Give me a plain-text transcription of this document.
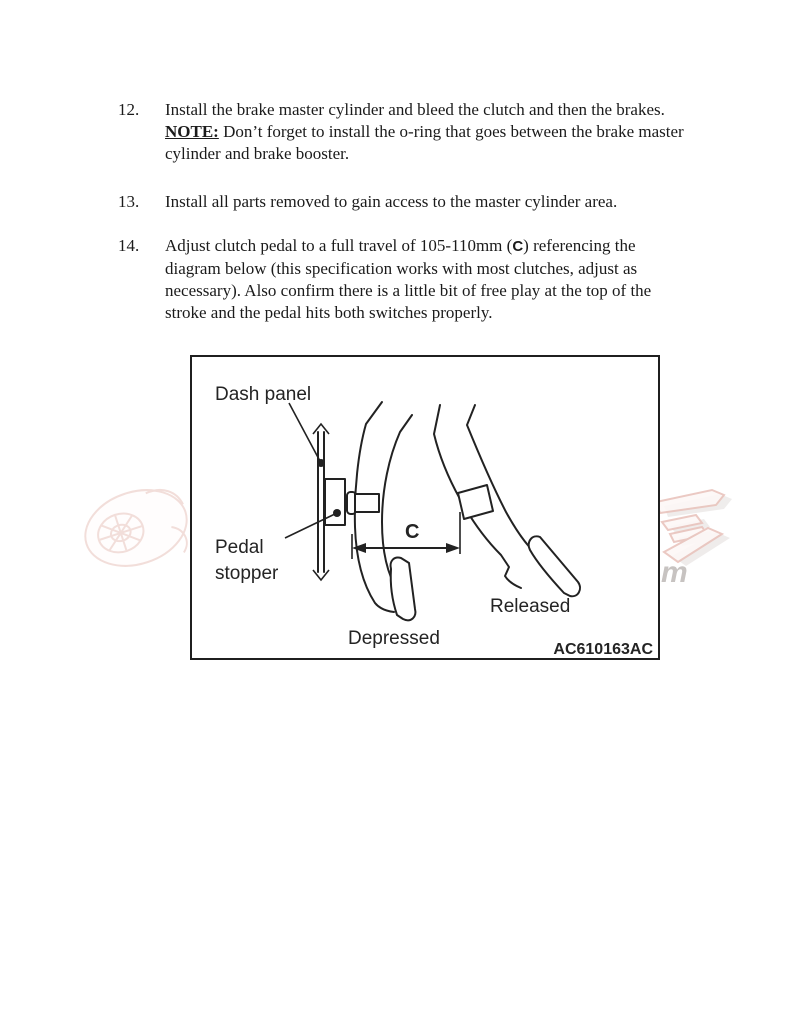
m
12.	Install the brake master cylinder and bleed the clutch and then the brakes.

NOTE: Don’t forget to install the o-ring that goes between the brake master cylinder and brake booster.

13.	Install all parts removed to gain access to the master cylinder area.

14.	Adjust clutch pedal to a full travel of 105-110mm (C) referencing the diagram below (this specification works with most clutches, adjust as necessary). Also confirm there is a little bit of free play at the top of the stroke and the pedal hits both switches properly.

Dash panel
Pedal
stopper
C
Depressed
Released
AC610163AC
